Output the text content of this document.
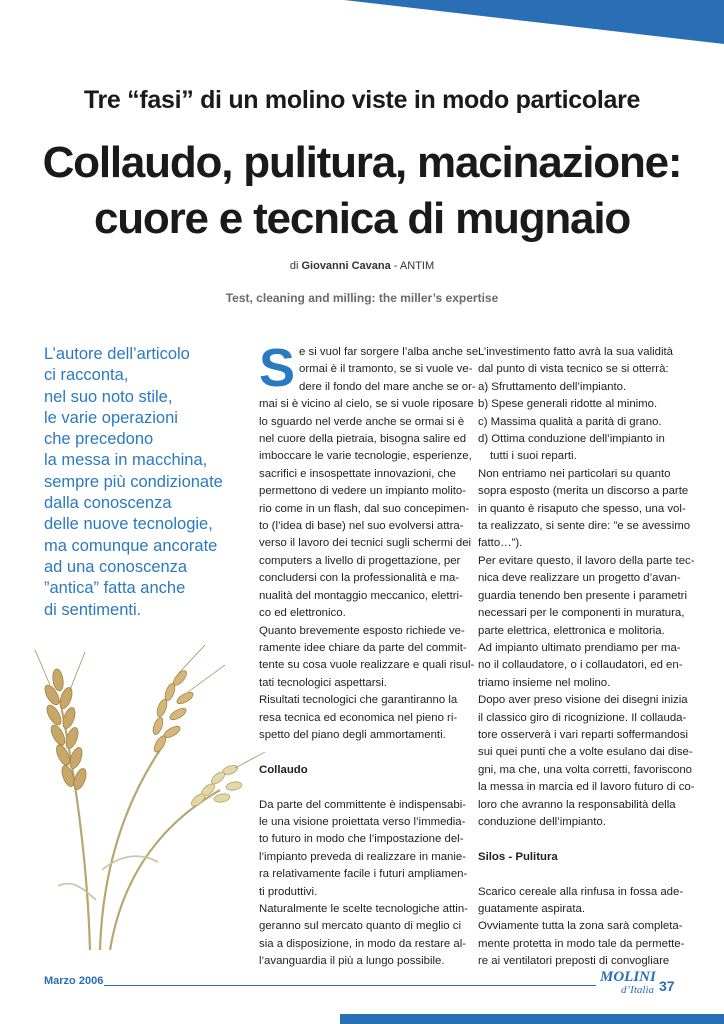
Tre “fasi” di un molino viste in modo particolare
Collaudo, pulitura, macinazione:
cuore e tecnica di mugnaio
di Giovanni Cavana - ANTIM
Test, cleaning and milling: the miller’s expertise
L’autore dell’articolo
ci racconta,
nel suo noto stile,
le varie operazioni
che precedono
la messa in macchina,
sempre più condizionate
dalla conoscenza
delle nuove tecnologie,
ma comunque ancorate
ad una conoscenza
”antica” fatta anche
di sentimenti.
S e si vuol far sorgere l’alba anche se
ormai è il tramonto, se si vuole ve-
dere il fondo del mare anche se or-
mai si è vicino al cielo, se si vuole riposare
lo sguardo nel verde anche se ormai si è
nel cuore della pietraia, bisogna salire ed
imboccare le varie tecnologie, esperienze,
sacrifici e insospettate innovazioni, che
permettono di vedere un impianto molito-
rio come in un flash, dal suo concepimen-
to (l’idea di base) nel suo evolversi attra-
verso il lavoro dei tecnici sugli schermi dei
computers a livello di progettazione, per
concludersi con la professionalità e ma-
nualità del montaggio meccanico, elettri-
co ed elettronico.
Quanto brevemente esposto richiede ve-
ramente idee chiare da parte del commit-
tente su cosa vuole realizzare e quali risul-
tati tecnologici aspettarsi.
Risultati tecnologici che garantiranno la
resa tecnica ed economica nel pieno ri-
spetto del piano degli ammortamenti.
Collaudo
Da parte del committente è indispensabi-
le una visione proiettata verso l’immedia-
to futuro in modo che l’impostazione del-
l’impianto preveda di realizzare in manie-
ra relativamente facile i futuri ampliamen-
ti produttivi.
Naturalmente le scelte tecnologiche attin-
geranno sul mercato quanto di meglio ci
sia a disposizione, in modo da restare al-
l’avanguardia il più a lungo possibile.
L’investimento fatto avrà la sua validità
dal punto di vista tecnico se si otterrà:
a) Sfruttamento dell’impianto.
b) Spese generali ridotte al minimo.
c) Massima qualità a parità di grano.
d) Ottima conduzione dell’impianto in
tutti i suoi reparti.
Non entriamo nei particolari su quanto
sopra esposto (merita un discorso a parte
in quanto è risaputo che spesso, una vol-
ta realizzato, si sente dire: ”e se avessimo
fatto…”).
Per evitare questo, il lavoro della parte tec-
nica deve realizzare un progetto d’avan-
guardia tenendo ben presente i parametri
necessari per le componenti in muratura,
parte elettrica, elettronica e molitoria.
Ad impianto ultimato prendiamo per ma-
no il collaudatore, o i collaudatori, ed en-
triamo insieme nel molino.
Dopo aver preso visione dei disegni inizia
il classico giro di ricognizione. Il collauda-
tore osserverà i vari reparti soffermandosi
sui quei punti che a volte esulano dai dise-
gni, ma che, una volta corretti, favoriscono
la messa in marcia ed il lavoro futuro di co-
loro che avranno la responsabilità della
conduzione dell’impianto.
Silos - Pulitura
Scarico cereale alla rinfusa in fossa ade-
guatamente aspirata.
Ovviamente tutta la zona sarà completa-
mente protetta in modo tale da permette-
re ai ventilatori preposti di convogliare
Marzo 2006	MOLINI
d’Italia 37
